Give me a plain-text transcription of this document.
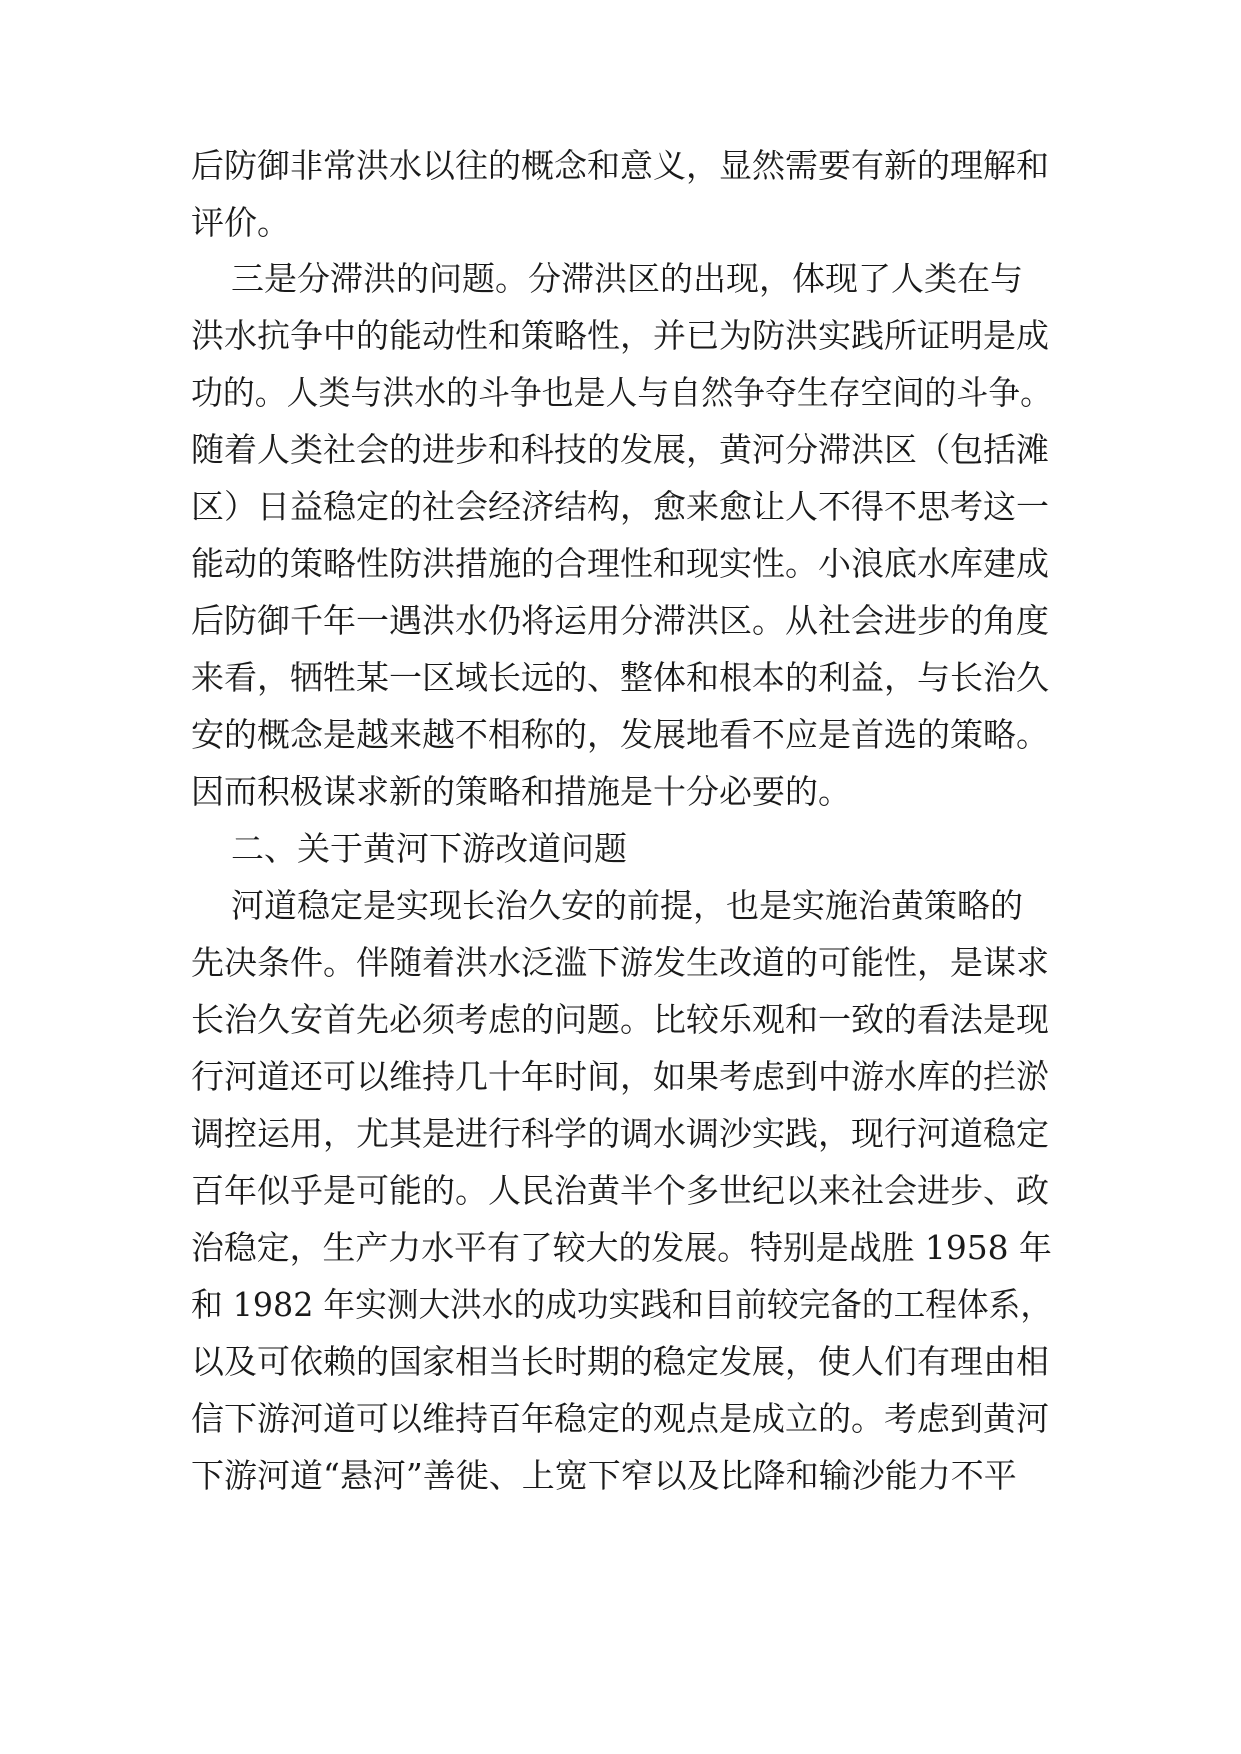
后防御非常洪水以往的概念和意义，显然需要有新的理解和
评价。
三是分滞洪的问题。分滞洪区的出现，体现了人类在与
洪水抗争中的能动性和策略性，并已为防洪实践所证明是成
功的。人类与洪水的斗争也是人与自然争夺生存空间的斗争。
随着人类社会的进步和科技的发展，黄河分滞洪区（包括滩
区）日益稳定的社会经济结构，愈来愈让人不得不思考这一
能动的策略性防洪措施的合理性和现实性。小浪底水库建成
后防御千年一遇洪水仍将运用分滞洪区。从社会进步的角度
来看，牺牲某一区域长远的、整体和根本的利益，与长治久
安的概念是越来越不相称的，发展地看不应是首选的策略。
因而积极谋求新的策略和措施是十分必要的。
二、关于黄河下游改道问题
河道稳定是实现长治久安的前提，也是实施治黄策略的
先决条件。伴随着洪水泛滥下游发生改道的可能性，是谋求
长治久安首先必须考虑的问题。比较乐观和一致的看法是现
行河道还可以维持几十年时间，如果考虑到中游水库的拦淤
调控运用，尤其是进行科学的调水调沙实践，现行河道稳定
百年似乎是可能的。人民治黄半个多世纪以来社会进步、政
治稳定，生产力水平有了较大的发展。特别是战胜 1958 年
和 1982 年实测大洪水的成功实践和目前较完备的工程体系，
以及可依赖的国家相当长时期的稳定发展，使人们有理由相
信下游河道可以维持百年稳定的观点是成立的。考虑到黄河
下游河道“悬河”善徙、上宽下窄以及比降和输沙能力不平
